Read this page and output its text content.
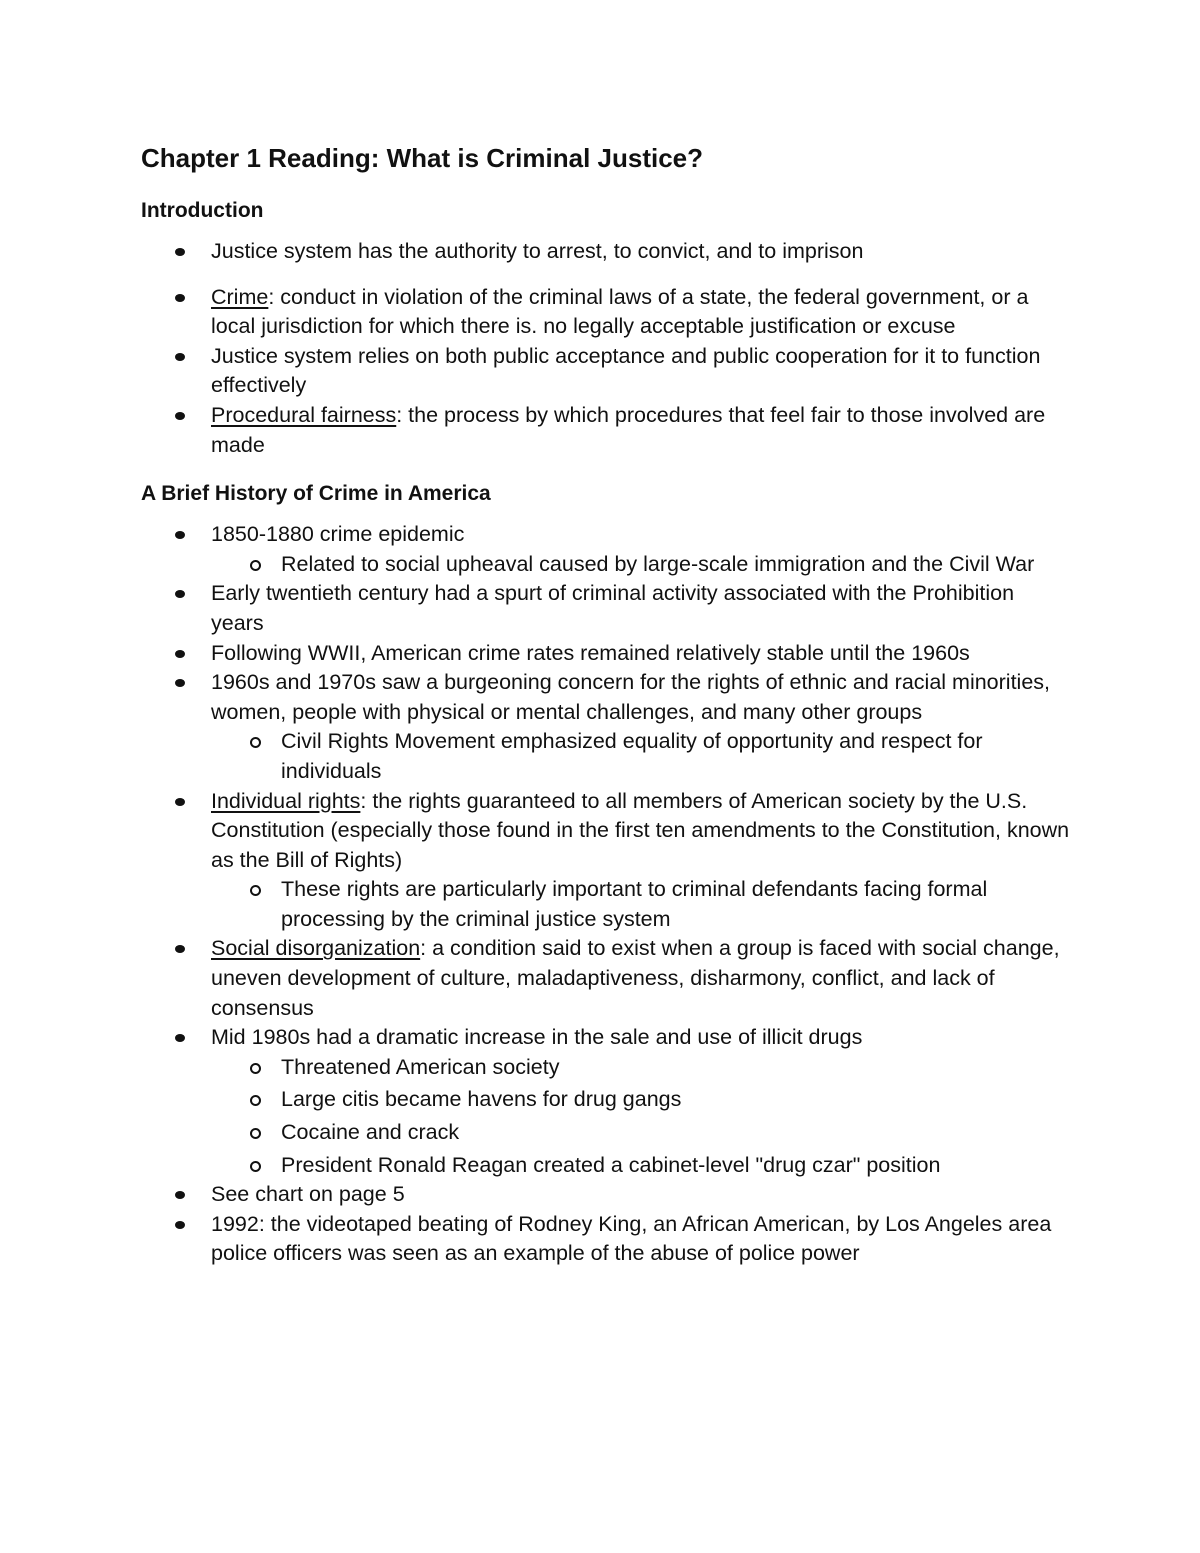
Chapter 1 Reading: What is Criminal Justice?
Introduction
Justice system has the authority to arrest, to convict, and to imprison
Crime: conduct in violation of the criminal laws of a state, the federal government, or a local jurisdiction for which there is. no legally acceptable justification or excuse
Justice system relies on both public acceptance and public cooperation for it to function effectively
Procedural fairness: the process by which procedures that feel fair to those involved are made
A Brief History of Crime in America
1850-1880 crime epidemic
Related to social upheaval caused by large-scale immigration and the Civil War
Early twentieth century had a spurt of criminal activity associated with the Prohibition years
Following WWII, American crime rates remained relatively stable until the 1960s
1960s and 1970s saw a burgeoning concern for the rights of ethnic and racial minorities, women, people with physical or mental challenges, and many other groups
Civil Rights Movement emphasized equality of opportunity and respect for individuals
Individual rights: the rights guaranteed to all members of American society by the U.S. Constitution (especially those found in the first ten amendments to the Constitution, known as the Bill of Rights)
These rights are particularly important to criminal defendants facing formal processing by the criminal justice system
Social disorganization: a condition said to exist when a group is faced with social change, uneven development of culture, maladaptiveness, disharmony, conflict, and lack of consensus
Mid 1980s had a dramatic increase in the sale and use of illicit drugs
Threatened American society
Large citis became havens for drug gangs
Cocaine and crack
President Ronald Reagan created a cabinet-level "drug czar" position
See chart on page 5
1992: the videotaped beating of Rodney King, an African American, by Los Angeles area police officers was seen as an example of the abuse of police power
